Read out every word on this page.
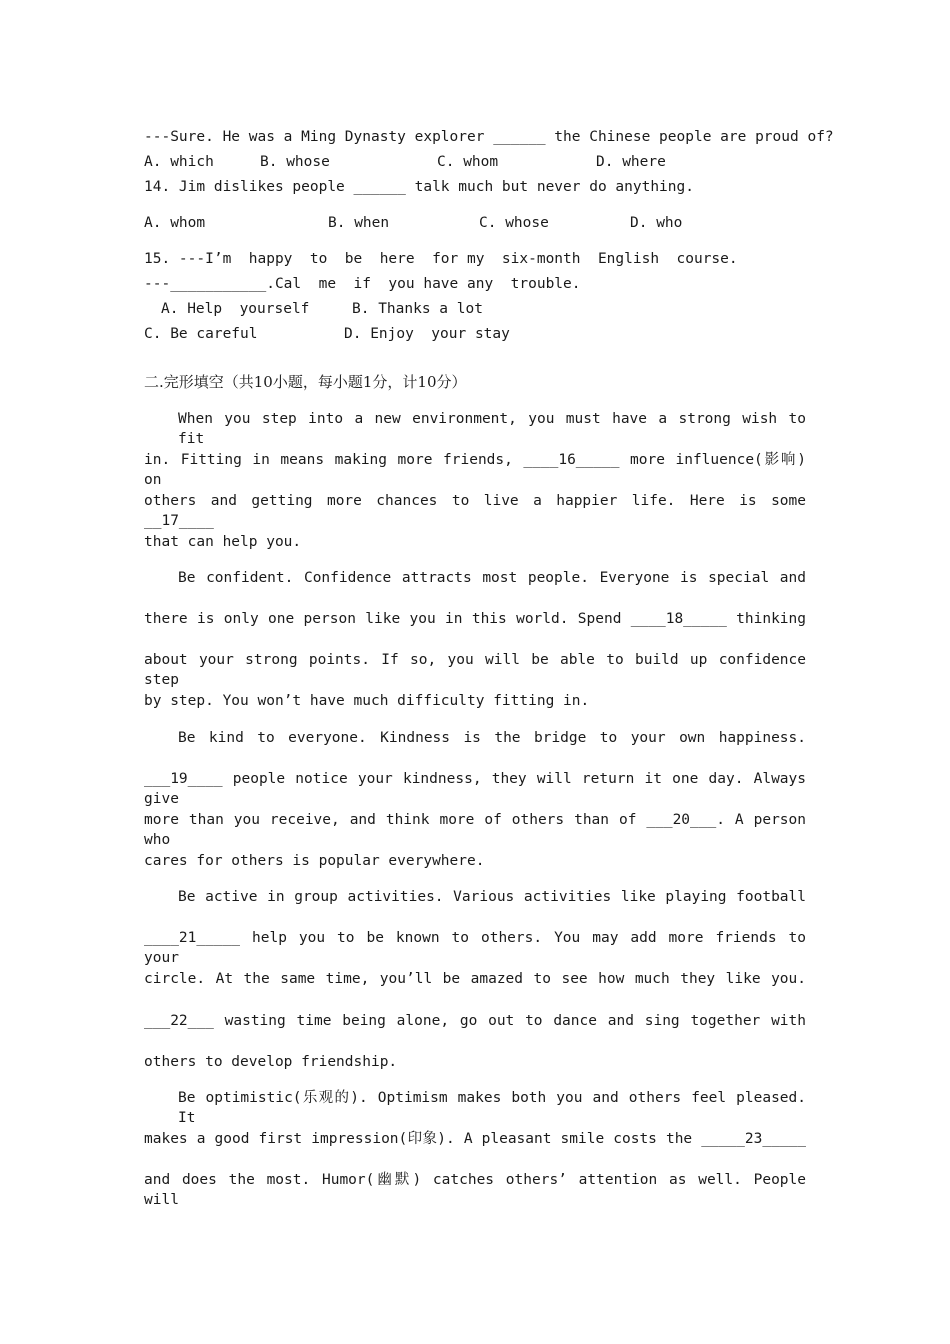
---Sure. He was a Ming Dynasty explorer ______ the Chinese people are proud of?
A. which	B. whose	C. whom	D. where
14. Jim dislikes people ______ talk much but never do anything.
A. whom	B. when	C. whose	D. who
15. ---I’m  happy  to  be  here  for my  six-month  English  course.
---___________.Cal  me  if  you have any  trouble.
A. Help  yourself	B. Thanks a lot
C. Be careful	D. Enjoy  your stay
二.完形填空（共10小题，每小题1分，计10分）
When you step into a new environment, you must have a strong wish to fit
in. Fitting in means making more friends, ____16_____ more influence(影响) on
others and getting more chances to live a happier life. Here is some __17____
that can help you.
Be confident. Confidence attracts most people. Everyone is special and
there is only one person like you in this world. Spend ____18_____ thinking
about your strong points. If so, you will be able to build up confidence step
by step. You won’t have much difficulty fitting in.
Be kind to everyone. Kindness is the bridge to your own happiness.
___19____ people notice your kindness, they will return it one day. Always give
more than you receive, and think more of others than of ___20___. A person who
cares for others is popular everywhere.
Be active in group activities. Various activities like playing football
____21_____ help you to be known to others. You may add more friends to your
circle. At the same time, you’ll be amazed to see how much they like you.
___22___ wasting time being alone, go out to dance and sing together with
others to develop friendship.
Be optimistic(乐观的). Optimism makes both you and others feel pleased. It
makes a good first impression(印象). A pleasant smile costs the _____23_____
and does the most. Humor(幽默) catches others’ attention as well. People will
